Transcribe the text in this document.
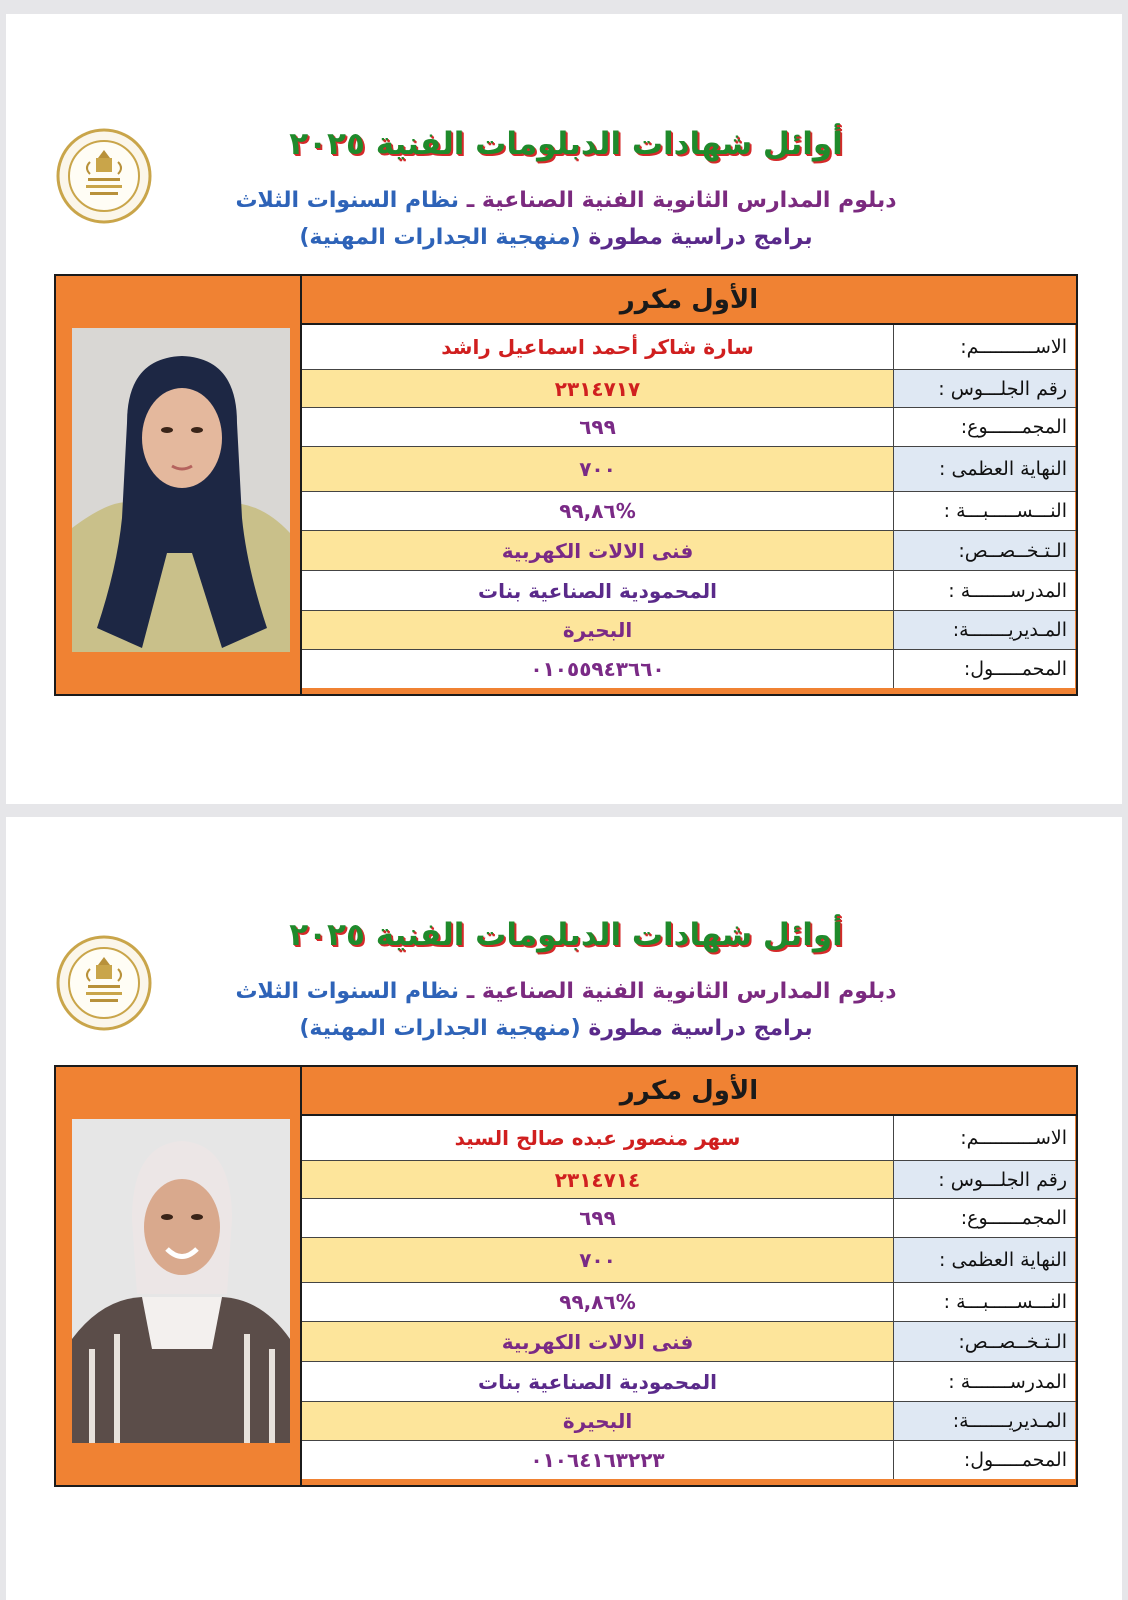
أوائل شهادات الدبلومات الفنية ٢٠٢٥
دبلوم المدارس الثانوية الفنية الصناعية ـ نظام السنوات الثلاث
برامج دراسية مطورة (منهجية الجدارات المهنية)
الأول مكرر
سارة شاكر أحمد اسماعيل راشد	الاســــــــــم:
٢٣١٤٧١٧	رقم الجلـــوس :
٦٩٩	المجمــــــوع:
٧٠٠	النهاية العظمى :
%٩٩,٨٦	النـــســـــبـــة :
فنى الالات الكهربية	الـتـخــصــص:
المحمودية الصناعية بنات	المدرســـــــة :
البحيرة	المـديريـــــــة:
٠١٠٥٥٩٤٣٦٦٠	المحمـــــول:
أوائل شهادات الدبلومات الفنية ٢٠٢٥
دبلوم المدارس الثانوية الفنية الصناعية ـ نظام السنوات الثلاث
برامج دراسية مطورة (منهجية الجدارات المهنية)
الأول مكرر
سهر منصور عبده صالح السيد	الاســــــــــم:
٢٣١٤٧١٤	رقم الجلـــوس :
٦٩٩	المجمــــــوع:
٧٠٠	النهاية العظمى :
%٩٩,٨٦	النـــســـــبـــة :
فنى الالات الكهربية	الـتـخــصــص:
المحمودية الصناعية بنات	المدرســـــــة :
البحيرة	المـديريـــــــة:
٠١٠٦٤١٦٣٢٢٣	المحمـــــول:
